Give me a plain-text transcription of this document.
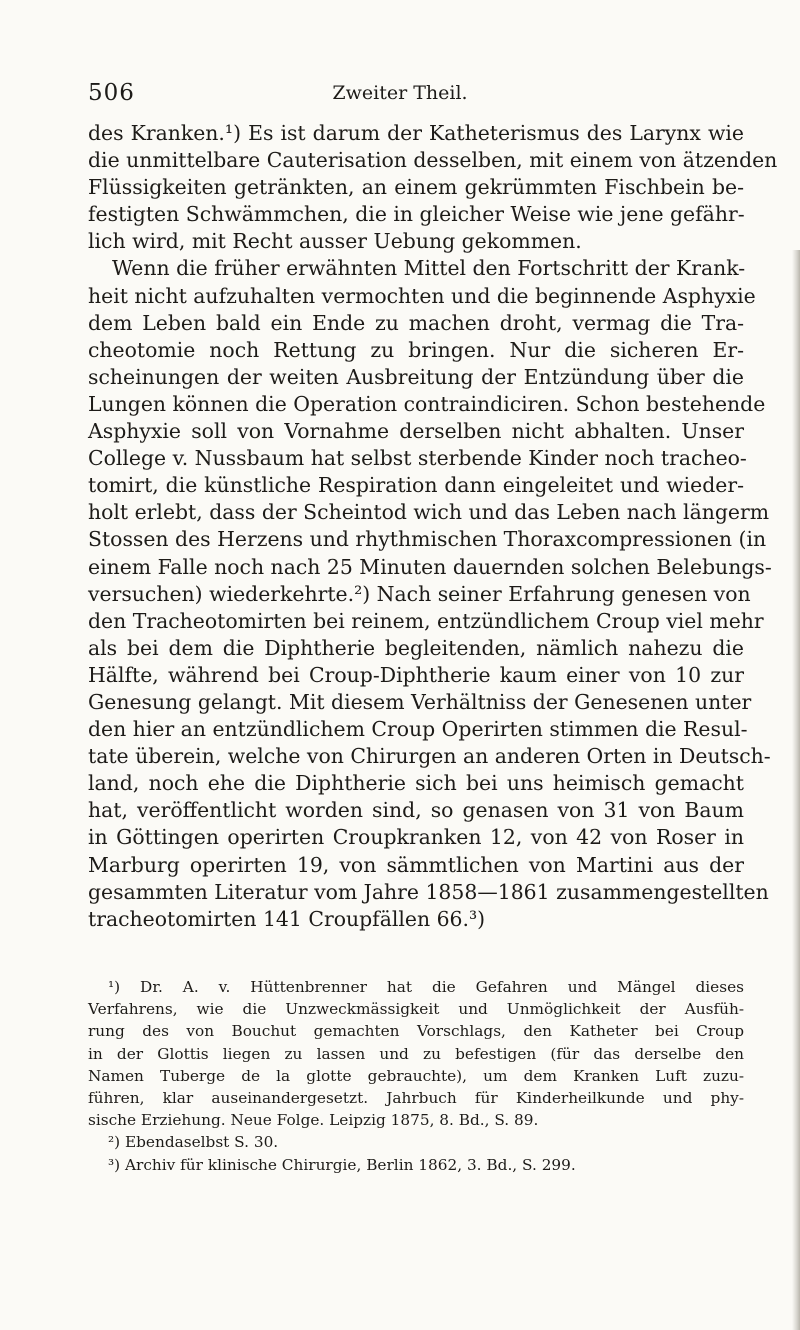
506	Zweiter Theil.
des Kranken.¹) Es ist darum der Katheterismus des Larynx wie
die unmittelbare Cauterisation desselben, mit einem von ätzenden
Flüssigkeiten getränkten, an einem gekrümmten Fischbein be-
festigten Schwämmchen, die in gleicher Weise wie jene gefähr-
lich wird, mit Recht ausser Uebung gekommen.
Wenn die früher erwähnten Mittel den Fortschritt der Krank-
heit nicht aufzuhalten vermochten und die beginnende Asphyxie
dem Leben bald ein Ende zu machen droht, vermag die Tra-
cheotomie noch Rettung zu bringen. Nur die sicheren Er-
scheinungen der weiten Ausbreitung der Entzündung über die
Lungen können die Operation contraindiciren. Schon bestehende
Asphyxie soll von Vornahme derselben nicht abhalten. Unser
College v. Nussbaum hat selbst sterbende Kinder noch tracheo-
tomirt, die künstliche Respiration dann eingeleitet und wieder-
holt erlebt, dass der Scheintod wich und das Leben nach längerm
Stossen des Herzens und rhythmischen Thoraxcompressionen (in
einem Falle noch nach 25 Minuten dauernden solchen Belebungs-
versuchen) wiederkehrte.²) Nach seiner Erfahrung genesen von
den Tracheotomirten bei reinem, entzündlichem Croup viel mehr
als bei dem die Diphtherie begleitenden, nämlich nahezu die
Hälfte, während bei Croup-Diphtherie kaum einer von 10 zur
Genesung gelangt. Mit diesem Verhältniss der Genesenen unter
den hier an entzündlichem Croup Operirten stimmen die Resul-
tate überein, welche von Chirurgen an anderen Orten in Deutsch-
land, noch ehe die Diphtherie sich bei uns heimisch gemacht
hat, veröffentlicht worden sind, so genasen von 31 von Baum
in Göttingen operirten Croupkranken 12, von 42 von Roser in
Marburg operirten 19, von sämmtlichen von Martini aus der
gesammten Literatur vom Jahre 1858—1861 zusammengestellten
tracheotomirten 141 Croupfällen 66.³)
¹) Dr. A. v. Hüttenbrenner hat die Gefahren und Mängel dieses
Verfahrens, wie die Unzweckmässigkeit und Unmöglichkeit der Ausfüh-
rung des von Bouchut gemachten Vorschlags, den Katheter bei Croup
in der Glottis liegen zu lassen und zu befestigen (für das derselbe den
Namen Tuberge de la glotte gebrauchte), um dem Kranken Luft zuzu-
führen, klar auseinandergesetzt. Jahrbuch für Kinderheilkunde und phy-
sische Erziehung. Neue Folge. Leipzig 1875, 8. Bd., S. 89.
²) Ebendaselbst S. 30.
³) Archiv für klinische Chirurgie, Berlin 1862, 3. Bd., S. 299.
